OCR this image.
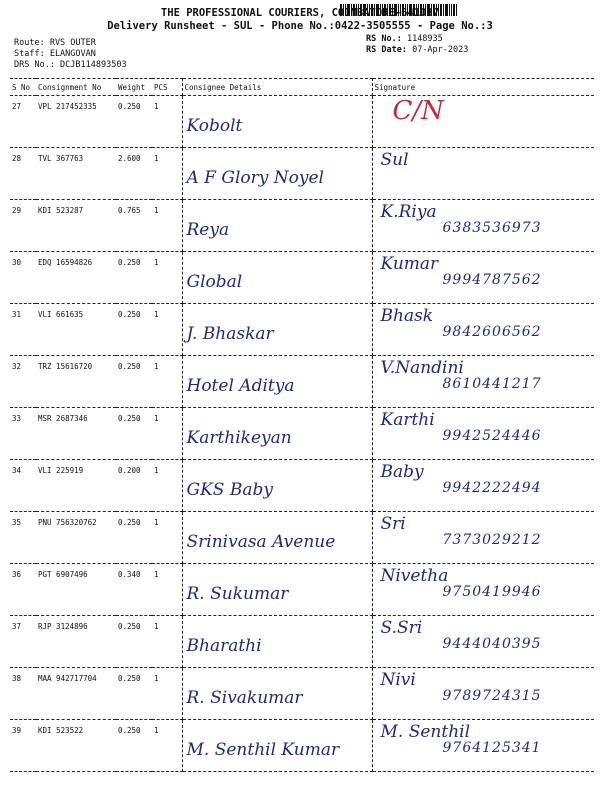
THE PROFESSIONAL COURIERS, COIMBATORE-641037
Delivery Runsheet - SUL - Phone No.:0422-3505555 - Page No.:3
Route: RVS OUTER
Staff: ELANGOVAN
DRS No.: DCJB114893503
RS No.: 1148935
RS Date: 07-Apr-2023
S No	Consignment No	Weight	PCS	Consignee Details	Signature
27	VPL 217452335	0.250	1	Kobolt	C/N

28	TVL 367763	2.600	1	A F Glory Noyel	Sul

29	KDI 523287	0.765	1	Reya	K.Riya
6383536973

30	EDQ 16594826	0.250	1	Global	Kumar
9994787562

31	VLI 661635	0.250	1	J. Bhaskar	Bhask
9842606562

32	TRZ 15616720	0.250	1	Hotel Aditya	V.Nandini
8610441217

33	MSR 2687346	0.250	1	Karthikeyan	Karthi
9942524446

34	VLI 225919	0.200	1	GKS Baby	Baby
9942222494

35	PNU 756320762	0.250	1	Srinivasa Avenue	Sri
7373029212

36	PGT 6907496	0.340	1	R. Sukumar	Nivetha
9750419946

37	RJP 3124896	0.250	1	Bharathi	S.Sri
9444040395

38	MAA 942717704	0.250	1	R. Sivakumar	Nivi
9789724315

39	KDI 523522	0.250	1	M. Senthil Kumar	M. Senthil
9764125341
